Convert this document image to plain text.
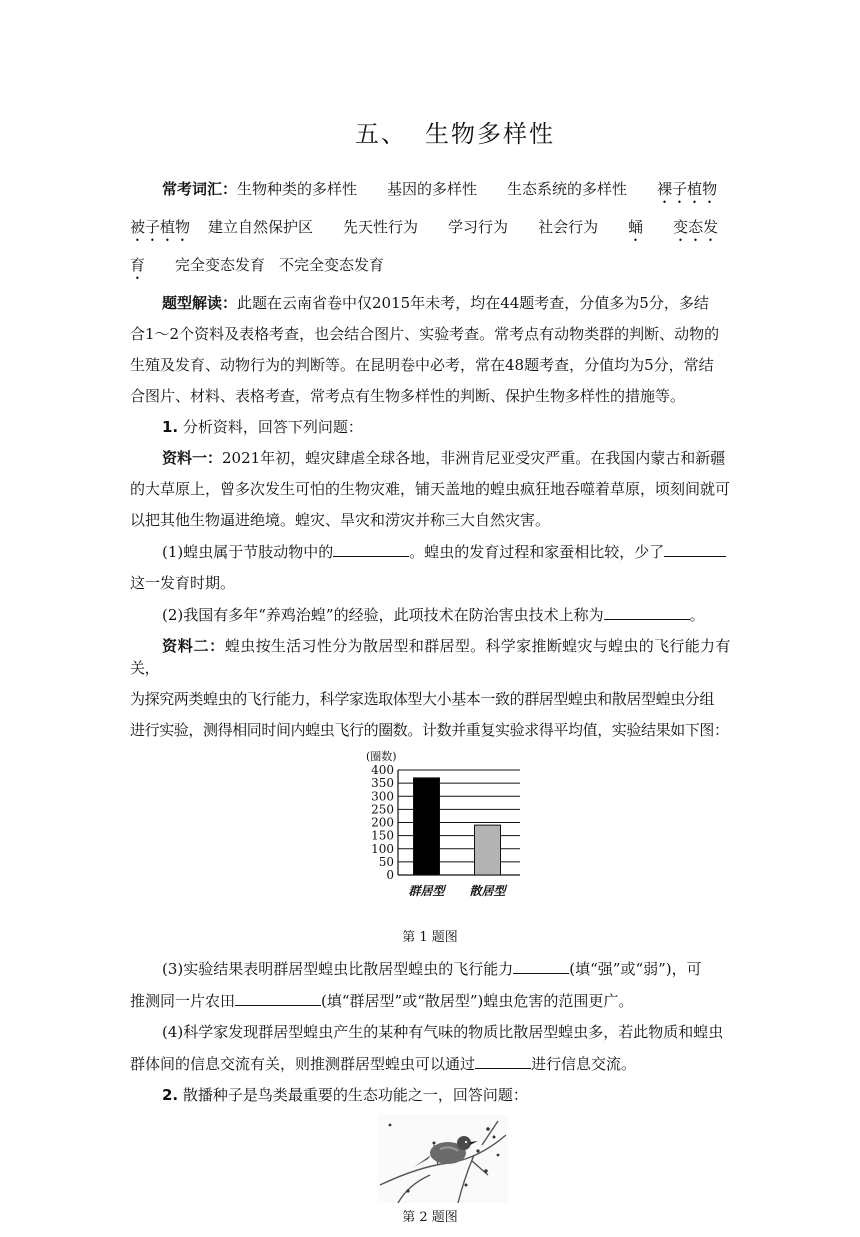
五、 生物多样性
常考词汇：生物种类的多样性 基因的多样性 生态系统的多样性 裸子植物
被子植物 建立自然保护区 先天性行为 学习行为 社会行为 蛹 变态发
育 完全变态发育 不完全变态发育
题型解读：此题在云南省卷中仅2015年未考，均在44题考查，分值多为5分，多结
合1～2个资料及表格考查，也会结合图片、实验考查。常考点有动物类群的判断、动物的
生殖及发育、动物行为的判断等。在昆明卷中必考，常在48题考查，分值均为5分，常结
合图片、材料、表格考查，常考点有生物多样性的判断、保护生物多样性的措施等。
1. 分析资料，回答下列问题：
资料一：2021年初，蝗灾肆虐全球各地，非洲肯尼亚受灾严重。在我国内蒙古和新疆
的大草原上，曾多次发生可怕的生物灾难，铺天盖地的蝗虫疯狂地吞噬着草原，顷刻间就可
以把其他生物逼进绝境。蝗灾、旱灾和涝灾并称三大自然灾害。
(1)蝗虫属于节肢动物中的	。蝗虫的发育过程和家蚕相比较，少了
这一发育时期。
(2)我国有多年“养鸡治蝗”的经验，此项技术在防治害虫技术上称为	。
资料二：蝗虫按生活习性分为散居型和群居型。科学家推断蝗灾与蝗虫的飞行能力有关，
为探究两类蝗虫的飞行能力，科学家选取体型大小基本一致的群居型蝗虫和散居型蝗虫分组
进行实验，测得相同时间内蝗虫飞行的圈数。计数并重复实验求得平均值，实验结果如下图：
(圈数)
0
50
100
150
200
250
300
350
400
群居型 散居型
第 1 题图
(3)实验结果表明群居型蝗虫比散居型蝗虫的飞行能力	(填“强”或“弱”)，可
推测同一片农田	(填“群居型”或“散居型”)蝗虫危害的范围更广。
(4)科学家发现群居型蝗虫产生的某种有气味的物质比散居型蝗虫多，若此物质和蝗虫
群体间的信息交流有关，则推测群居型蝗虫可以通过	进行信息交流。
2. 散播种子是鸟类最重要的生态功能之一，回答问题：
第 2 题图
